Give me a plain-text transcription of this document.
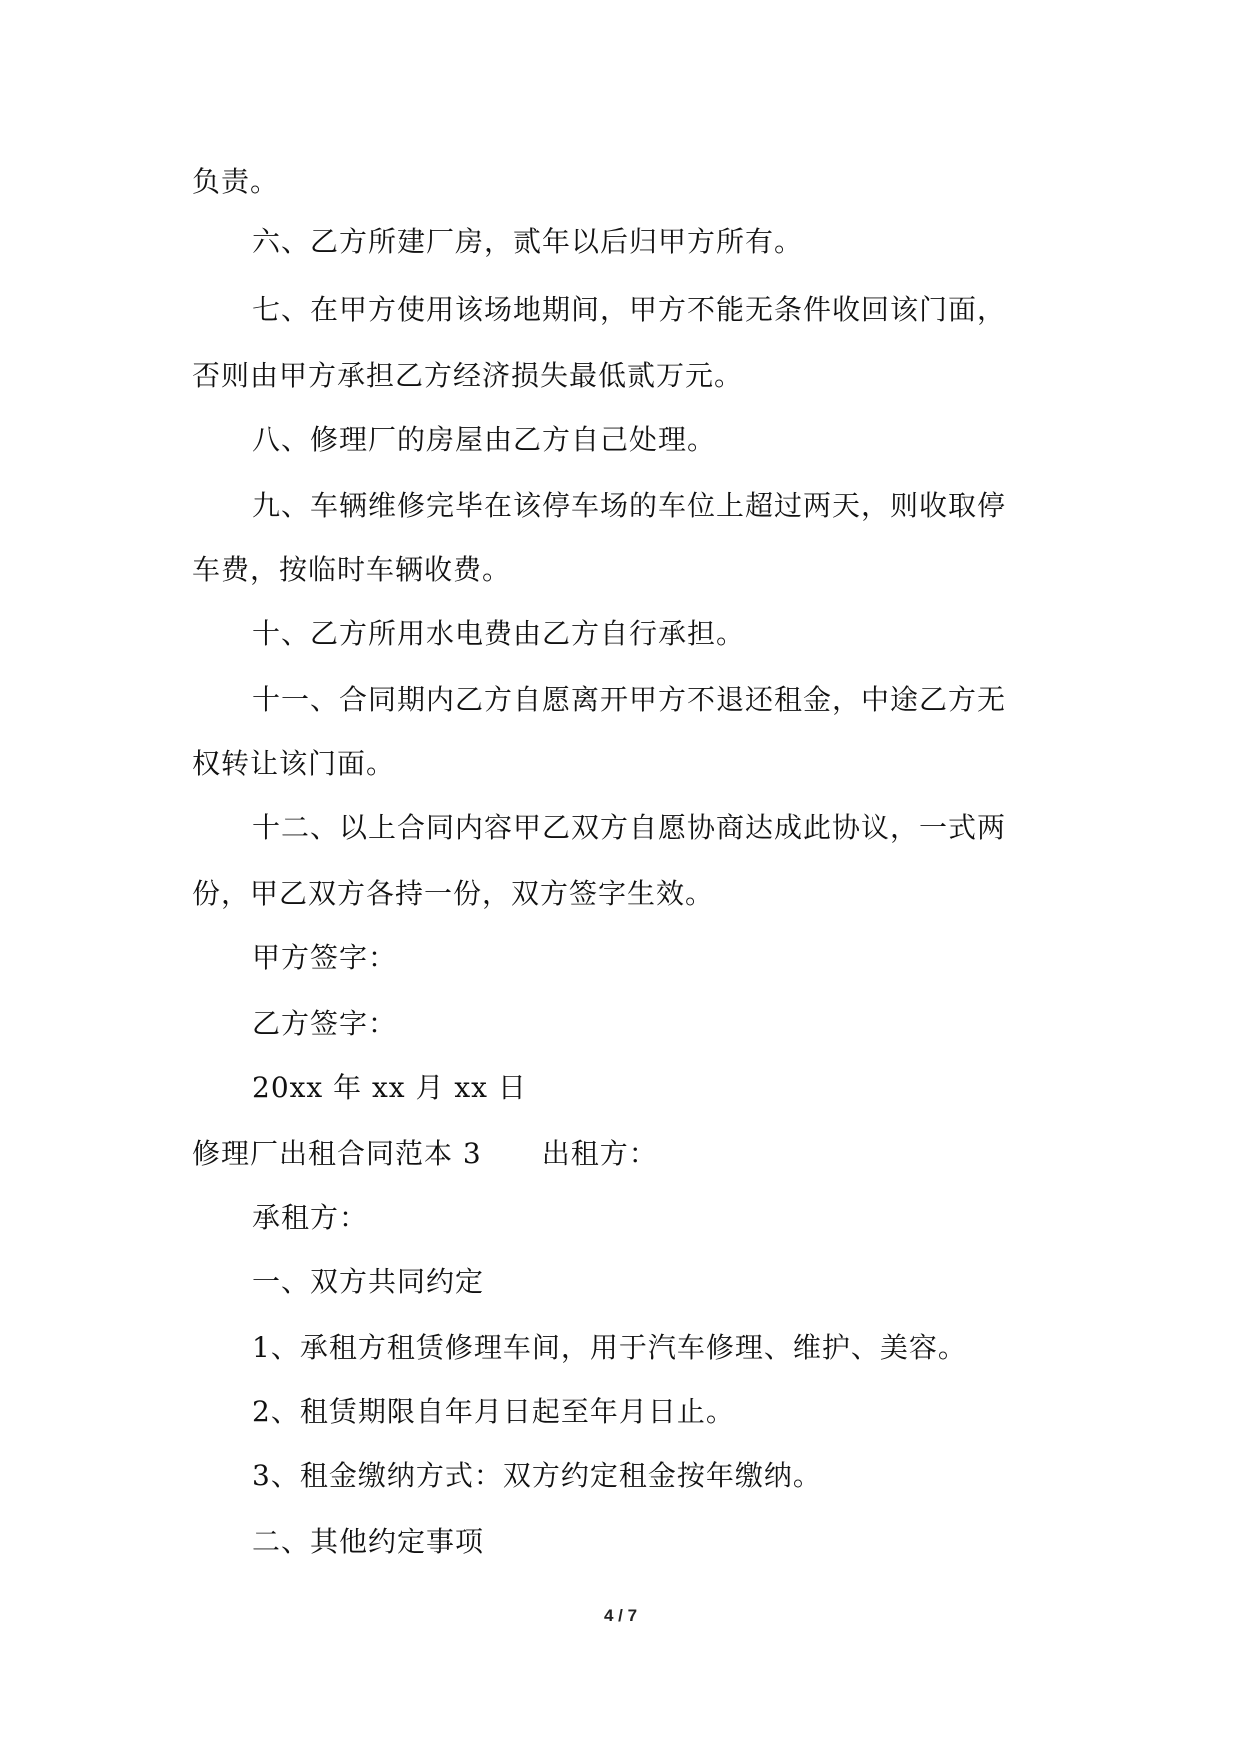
负责。
六、乙方所建厂房，贰年以后归甲方所有。
七、在甲方使用该场地期间，甲方不能无条件收回该门面，
否则由甲方承担乙方经济损失最低贰万元。
八、修理厂的房屋由乙方自己处理。
九、车辆维修完毕在该停车场的车位上超过两天，则收取停
车费，按临时车辆收费。
十、乙方所用水电费由乙方自行承担。
十一、合同期内乙方自愿离开甲方不退还租金，中途乙方无
权转让该门面。
十二、以上合同内容甲乙双方自愿协商达成此协议，一式两
份，甲乙双方各持一份，双方签字生效。
甲方签字：
乙方签字：
20xx 年 xx 月 xx 日
修理厂出租合同范本 3 出租方：
承租方：
一、双方共同约定
1、承租方租赁修理车间，用于汽车修理、维护、美容。
2、租赁期限自年月日起至年月日止。
3、租金缴纳方式：双方约定租金按年缴纳。
二、其他约定事项
4 / 7
